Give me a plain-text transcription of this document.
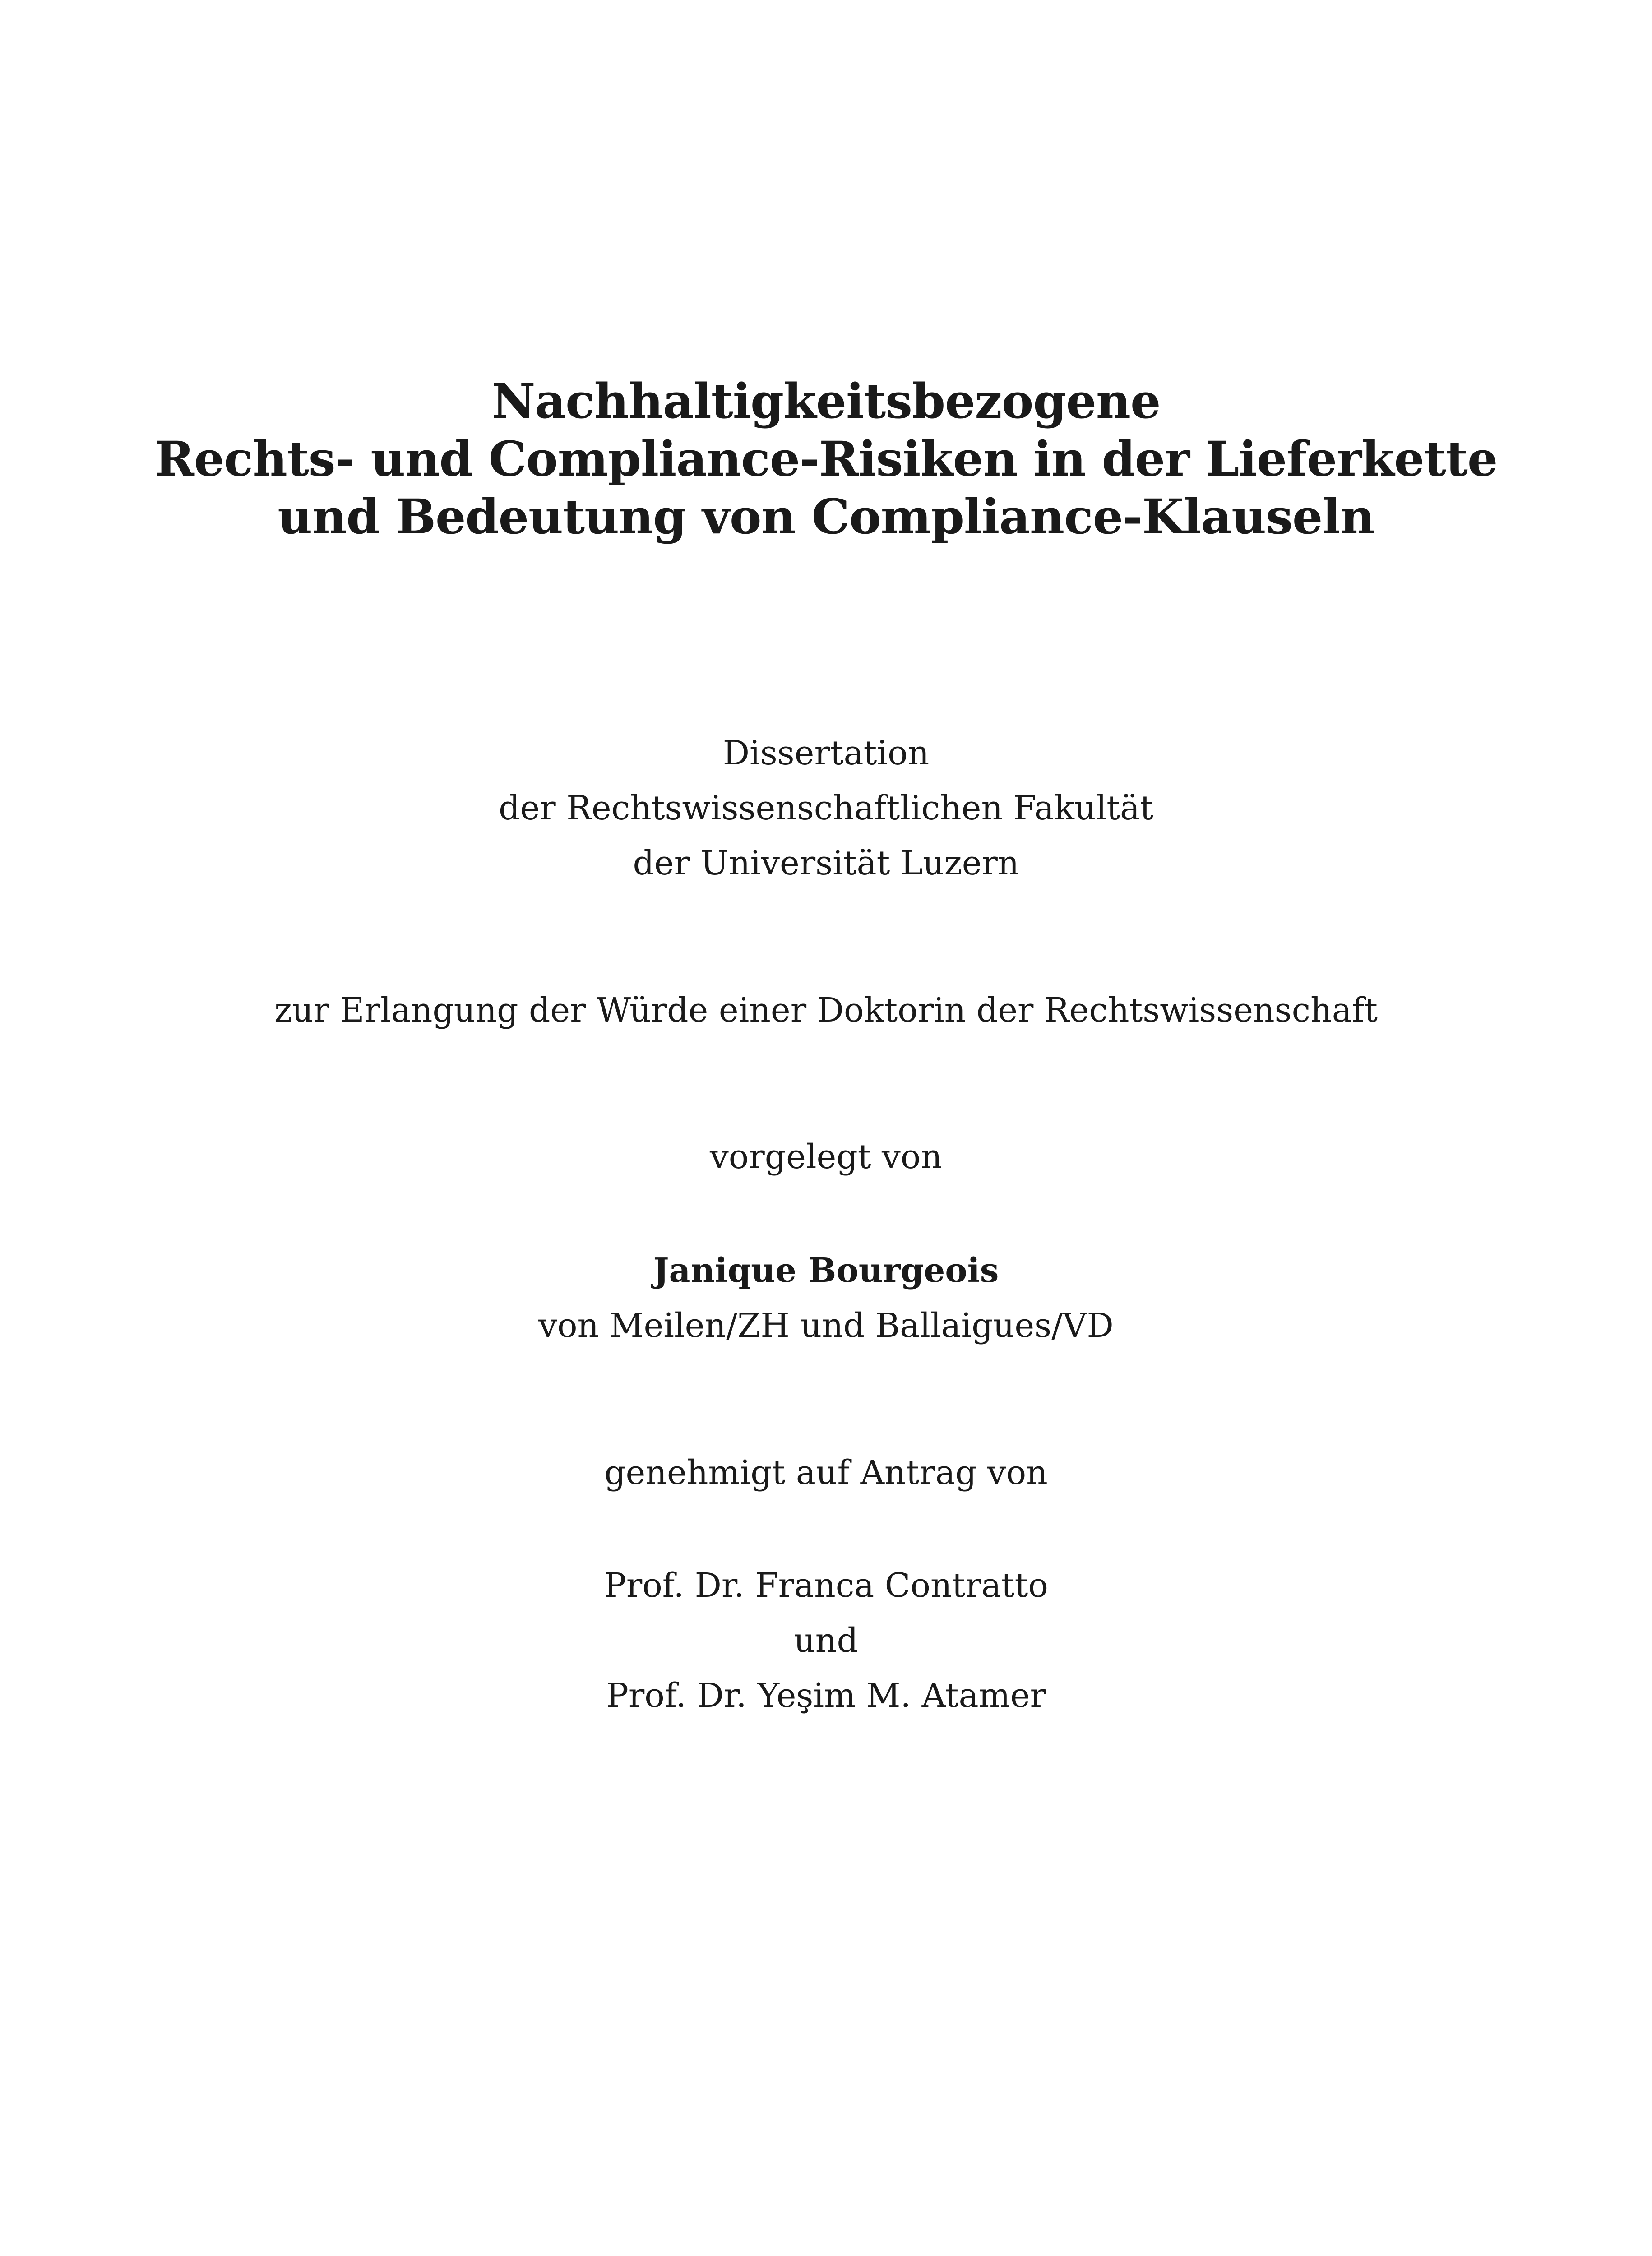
Nachhaltigkeitsbezogene
Rechts- und Compliance-Risiken in der Lieferkette
und Bedeutung von Compliance-Klauseln
Dissertation
der Rechtswissenschaftlichen Fakultät
der Universität Luzern
zur Erlangung der Würde einer Doktorin der Rechtswissenschaft
vorgelegt von
Janique Bourgeois
von Meilen/ZH und Ballaigues/VD
genehmigt auf Antrag von
Prof. Dr. Franca Contratto
und
Prof. Dr. Yeşim M. Atamer
